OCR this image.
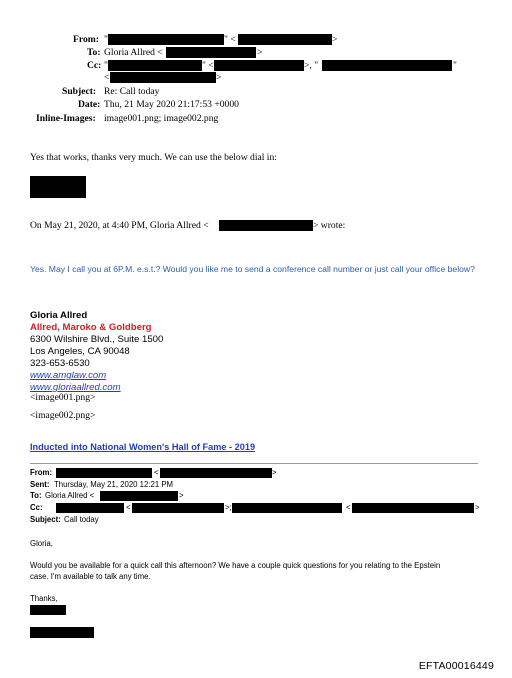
From: "	" <	>
To: Gloria Allred <	>
Cc: "	" <	>, "	"
<	>
Subject: Re: Call today
Date: Thu, 21 May 2020 21:17:53 +0000
Inline-Images: image001.png; image002.png
Yes that works, thanks very much. We can use the below dial in:
On May 21, 2020, at 4:40 PM, Gloria Allred <	> wrote:
Yes. May I call you at 6P.M. e.s.t.? Would you like me to send a conference call number or just call your office below?
Gloria Allred
Allred, Maroko & Goldberg
6300 Wilshire Blvd., Suite 1500
Los Angeles, CA 90048
323-653-6530
www.amglaw.com
www.gloriaallred.com
<image001.png>
<image002.png>
Inducted into National Women's Hall of Fame - 2019
From:	<	>
Sent: Thursday, May 21, 2020 12:21 PM
To: Gloria Allred <	>
Cc:	<	>;	<	>
Subject: Call today
Gloria,
Would you be available for a quick call this afternoon? We have a couple quick questions for you relating to the Epstein
case. I'm available to talk any time.
Thanks,
EFTA00016449
